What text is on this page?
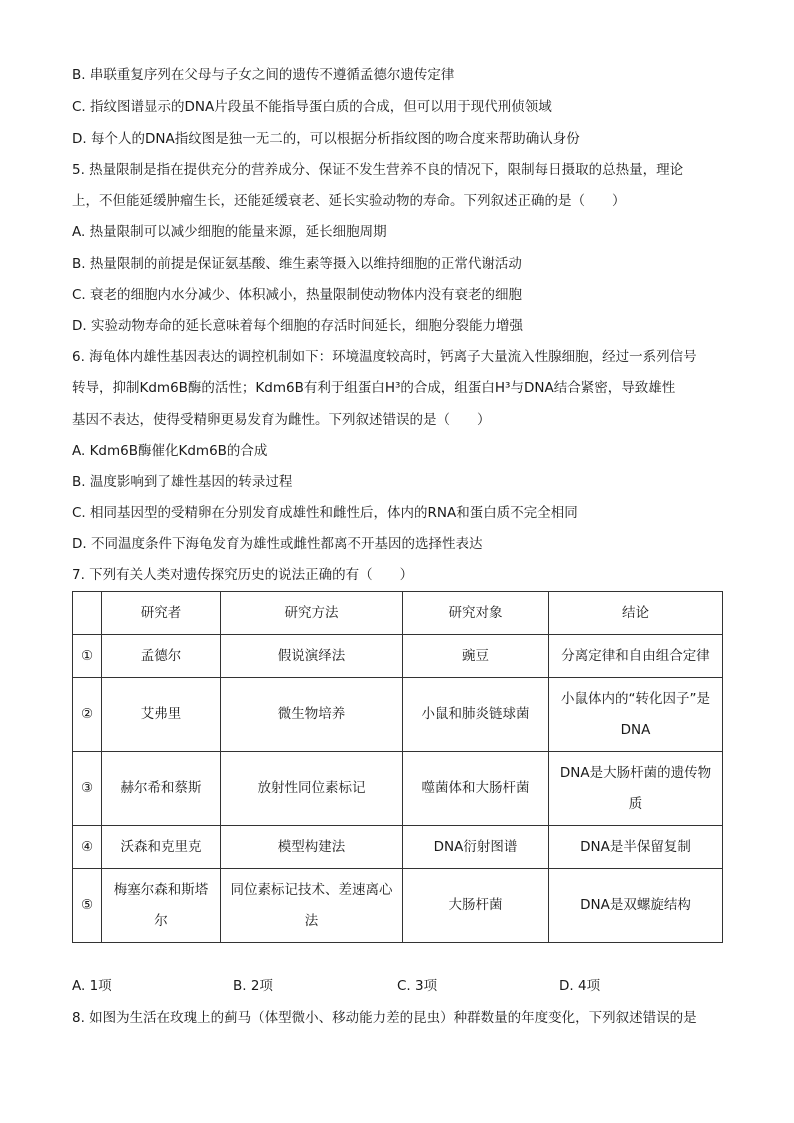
B. 串联重复序列在父母与子女之间的遗传不遵循孟德尔遗传定律
C. 指纹图谱显示的DNA片段虽不能指导蛋白质的合成，但可以用于现代刑侦领域
D. 每个人的DNA指纹图是独一无二的，可以根据分析指纹图的吻合度来帮助确认身份
5. 热量限制是指在提供充分的营养成分、保证不发生营养不良的情况下，限制每日摄取的总热量，理论
上，不但能延缓肿瘤生长，还能延缓衰老、延长实验动物的寿命。下列叙述正确的是（　　）
A. 热量限制可以减少细胞的能量来源，延长细胞周期
B. 热量限制的前提是保证氨基酸、维生素等摄入以维持细胞的正常代谢活动
C. 衰老的细胞内水分减少、体积减小，热量限制使动物体内没有衰老的细胞
D. 实验动物寿命的延长意味着每个细胞的存活时间延长，细胞分裂能力增强
6. 海龟体内雄性基因表达的调控机制如下：环境温度较高时，钙离子大量流入性腺细胞，经过一系列信号
转导，抑制Kdm6B酶的活性；Kdm6B有利于组蛋白H³的合成，组蛋白H³与DNA结合紧密，导致雄性
基因不表达，使得受精卵更易发育为雌性。下列叙述错误的是（　　）
A. Kdm6B酶催化Kdm6B的合成
B. 温度影响到了雄性基因的转录过程
C. 相同基因型的受精卵在分别发育成雄性和雌性后，体内的RNA和蛋白质不完全相同
D. 不同温度条件下海龟发育为雄性或雌性都离不开基因的选择性表达
7. 下列有关人类对遗传探究历史的说法正确的有（　　）
	研究者	研究方法	研究对象	结论
①	孟德尔	假说演绎法	豌豆	分离定律和自由组合定律
②	艾弗里	微生物培养	小鼠和肺炎链球菌	小鼠体内的“转化因子”是DNA
③	赫尔希和蔡斯	放射性同位素标记	噬菌体和大肠杆菌	DNA是大肠杆菌的遗传物质
④	沃森和克里克	模型构建法	DNA衍射图谱	DNA是半保留复制
⑤	梅塞尔森和斯塔尔	同位素标记技术、差速离心法	大肠杆菌	DNA是双螺旋结构
A. 1项	B. 2项	C. 3项	D. 4项
8. 如图为生活在玫瑰上的蓟马（体型微小、移动能力差的昆虫）种群数量的年度变化，下列叙述错误的是
